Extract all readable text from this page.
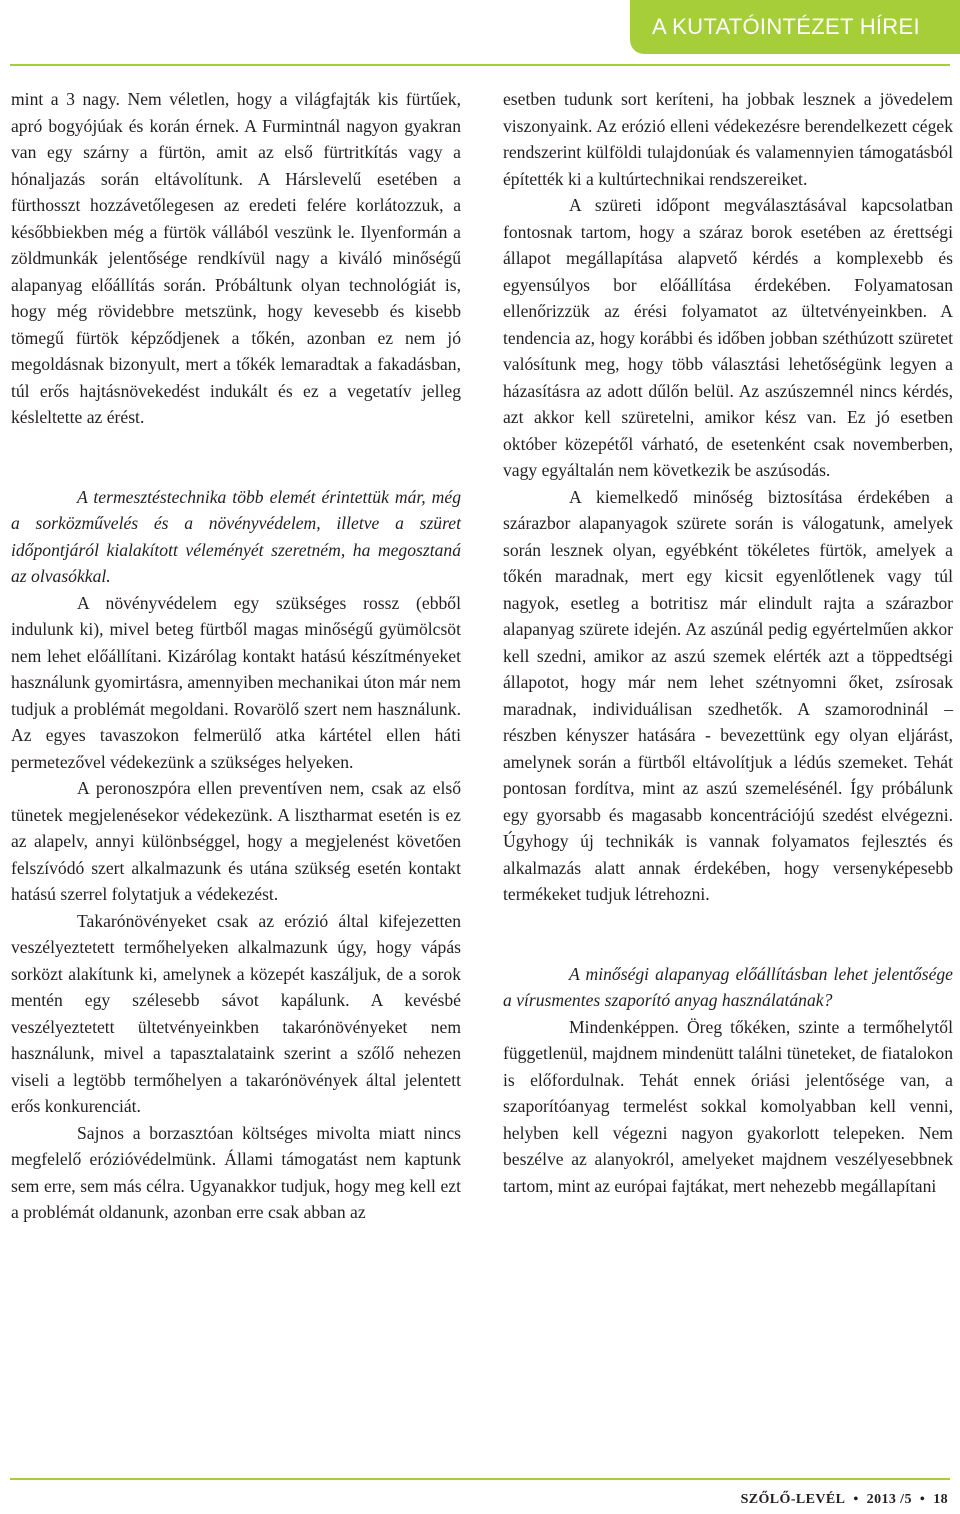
A KUTATÓINTÉZET HÍREI

mint a 3 nagy. Nem véletlen, hogy a világfajták kis fürtűek, apró bogyójúak és korán érnek. A Furmintnál nagyon gyakran van egy szárny a fürtön, amit az első fürtritkítás vagy a hónaljazás során eltávolítunk. A Hárslevelű esetében a fürthosszt hozzávetőlegesen az eredeti felére korlátozzuk, a későbbiekben még a fürtök vállából veszünk le. Ilyenformán a zöldmunkák jelentősége rendkívül nagy a kiváló minőségű alapanyag előállítás során. Próbáltunk olyan technológiát is, hogy még rövidebbre metszünk, hogy kevesebb és kisebb tömegű fürtök képződjenek a tőkén, azonban ez nem jó megoldásnak bizonyult, mert a tőkék lemaradtak a fakadásban, túl erős hajtásnövekedést indukált és ez a vegetatív jelleg késleltette az érést.

A termesztéstechnika több elemét érintettük már, még a sorközművelés és a növényvédelem, illetve a szüret időpontjáról kialakított véleményét szeretném, ha megosztaná az olvasókkal.

A növényvédelem egy szükséges rossz (ebből indulunk ki), mivel beteg fürtből magas minőségű gyümölcsöt nem lehet előállítani. Kizárólag kontakt hatású készítményeket használunk gyomirtásra, amennyiben mechanikai úton már nem tudjuk a problémát megoldani. Rovarölő szert nem használunk. Az egyes tavaszokon felmerülő atka kártétel ellen háti permetezővel védekezünk a szükséges helyeken.

A peronoszpóra ellen preventíven nem, csak az első tünetek megjelenésekor védekezünk. A lisztharmat esetén is ez az alapelv, annyi különbséggel, hogy a megjelenést követően felszívódó szert alkalmazunk és utána szükség esetén kontakt hatású szerrel folytatjuk a védekezést.

Takarónövényeket csak az erózió által kifejezetten veszélyeztetett termőhelyeken alkalmazunk úgy, hogy vápás sorközt alakítunk ki, amelynek a közepét kaszáljuk, de a sorok mentén egy szélesebb sávot kapálunk. A kevésbé veszélyeztetett ültetvényeinkben takarónövényeket nem használunk, mivel a tapasztalataink szerint a szőlő nehezen viseli a legtöbb termőhelyen a takarónövények által jelentett erős konkurenciát.

Sajnos a borzasztóan költséges mivolta miatt nincs megfelelő erózióvédelmünk. Állami támogatást nem kaptunk sem erre, sem más célra. Ugyanakkor tudjuk, hogy meg kell ezt a problémát oldanunk, azonban erre csak abban az

esetben tudunk sort keríteni, ha jobbak lesznek a jövedelem viszonyaink. Az erózió elleni védekezésre berendelkezett cégek rendszerint külföldi tulajdonúak és valamennyien támogatásból építették ki a kultúrtechnikai rendszereiket.

A szüreti időpont megválasztásával kapcsolatban fontosnak tartom, hogy a száraz borok esetében az érettségi állapot megállapítása alapvető kérdés a komplexebb és egyensúlyos bor előállítása érdekében. Folyamatosan ellenőrizzük az érési folyamatot az ültetvényeinkben. A tendencia az, hogy korábbi és időben jobban széthúzott szüretet valósítunk meg, hogy több választási lehetőségünk legyen a házasításra az adott dűlőn belül. Az aszúszemnél nincs kérdés, azt akkor kell szüretelni, amikor kész van. Ez jó esetben október közepétől várható, de esetenként csak novemberben, vagy egyáltalán nem következik be aszúsodás.

A kiemelkedő minőség biztosítása érdekében a szárazbor alapanyagok szürete során is válogatunk, amelyek során lesznek olyan, egyébként tökéletes fürtök, amelyek a tőkén maradnak, mert egy kicsit egyenlőtlenek vagy túl nagyok, esetleg a botritisz már elindult rajta a szárazbor alapanyag szürete idején. Az aszúnál pedig egyértelműen akkor kell szedni, amikor az aszú szemek elérték azt a töppedtségi állapotot, hogy már nem lehet szétnyomni őket, zsírosak maradnak, individuálisan szedhetők. A szamorodninál – részben kényszer hatására - bevezettünk egy olyan eljárást, amelynek során a fürtből eltávolítjuk a lédús szemeket. Tehát pontosan fordítva, mint az aszú szemelésénél. Így próbálunk egy gyorsabb és magasabb koncentrációjú szedést elvégezni. Úgyhogy új technikák is vannak folyamatos fejlesztés és alkalmazás alatt annak érdekében, hogy versenyképesebb termékeket tudjuk létrehozni.

A minőségi alapanyag előállításban lehet jelentősége a vírusmentes szaporító anyag használatának?

Mindenképpen. Öreg tőkéken, szinte a termőhelytől függetlenül, majdnem mindenütt találni tüneteket, de fiatalokon is előfordulnak. Tehát ennek óriási jelentősége van, a szaporítóanyag termelést sokkal komolyabban kell venni, helyben kell végezni nagyon gyakorlott telepeken. Nem beszélve az alanyokról, amelyeket majdnem veszélyesebbnek tartom, mint az európai fajtákat, mert nehezebb megállapítani

SZŐLŐ-LEVÉL • 2013 /5 • 18
